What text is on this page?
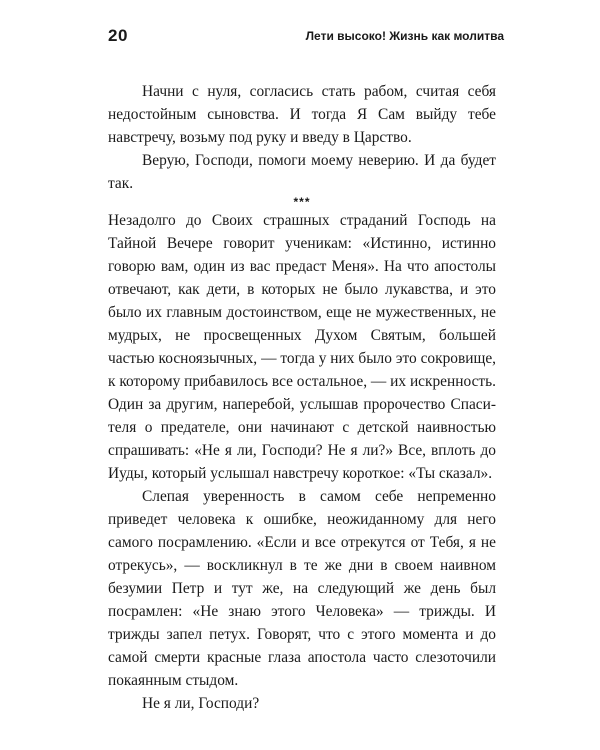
20	Лети высоко! Жизнь как молитва

Начни с нуля, согласись стать рабом, считая себя недостойным сыновства. И тогда Я Сам выйду тебе навстречу, возьму под руку и введу в Царство.

Верую, Господи, помоги моему неверию. И да будет так.

***

Незадолго до Своих страшных страданий Господь на Тайной Вечере говорит ученикам: «Истинно, истинно говорю вам, один из вас предаст Меня». На что апостолы отвечают, как дети, в которых не было лукавства, и это было их главным достоинством, еще не мужественных, не мудрых, не просвещенных Духом Святым, большей частью косноязычных, — тогда у них было это сокровище, к которому прибавилось все остальное, — их искренность. Один за другим, наперебой, услышав пророчество Спасителя о предателе, они начинают с детской наивностью спрашивать: «Не я ли, Господи? Не я ли?» Все, вплоть до Иуды, который услышал навстречу короткое: «Ты сказал».

Слепая уверенность в самом себе непременно приведет человека к ошибке, неожиданному для него самого посрамлению. «Если и все отрекутся от Тебя, я не отрекусь», — воскликнул в те же дни в своем наивном безумии Петр и тут же, на следующий же день был посрамлен: «Не знаю этого Человека» — трижды. И трижды запел петух. Говорят, что с этого момента и до самой смерти красные глаза апостола часто слезоточили покаянным стыдом.

Не я ли, Господи?
